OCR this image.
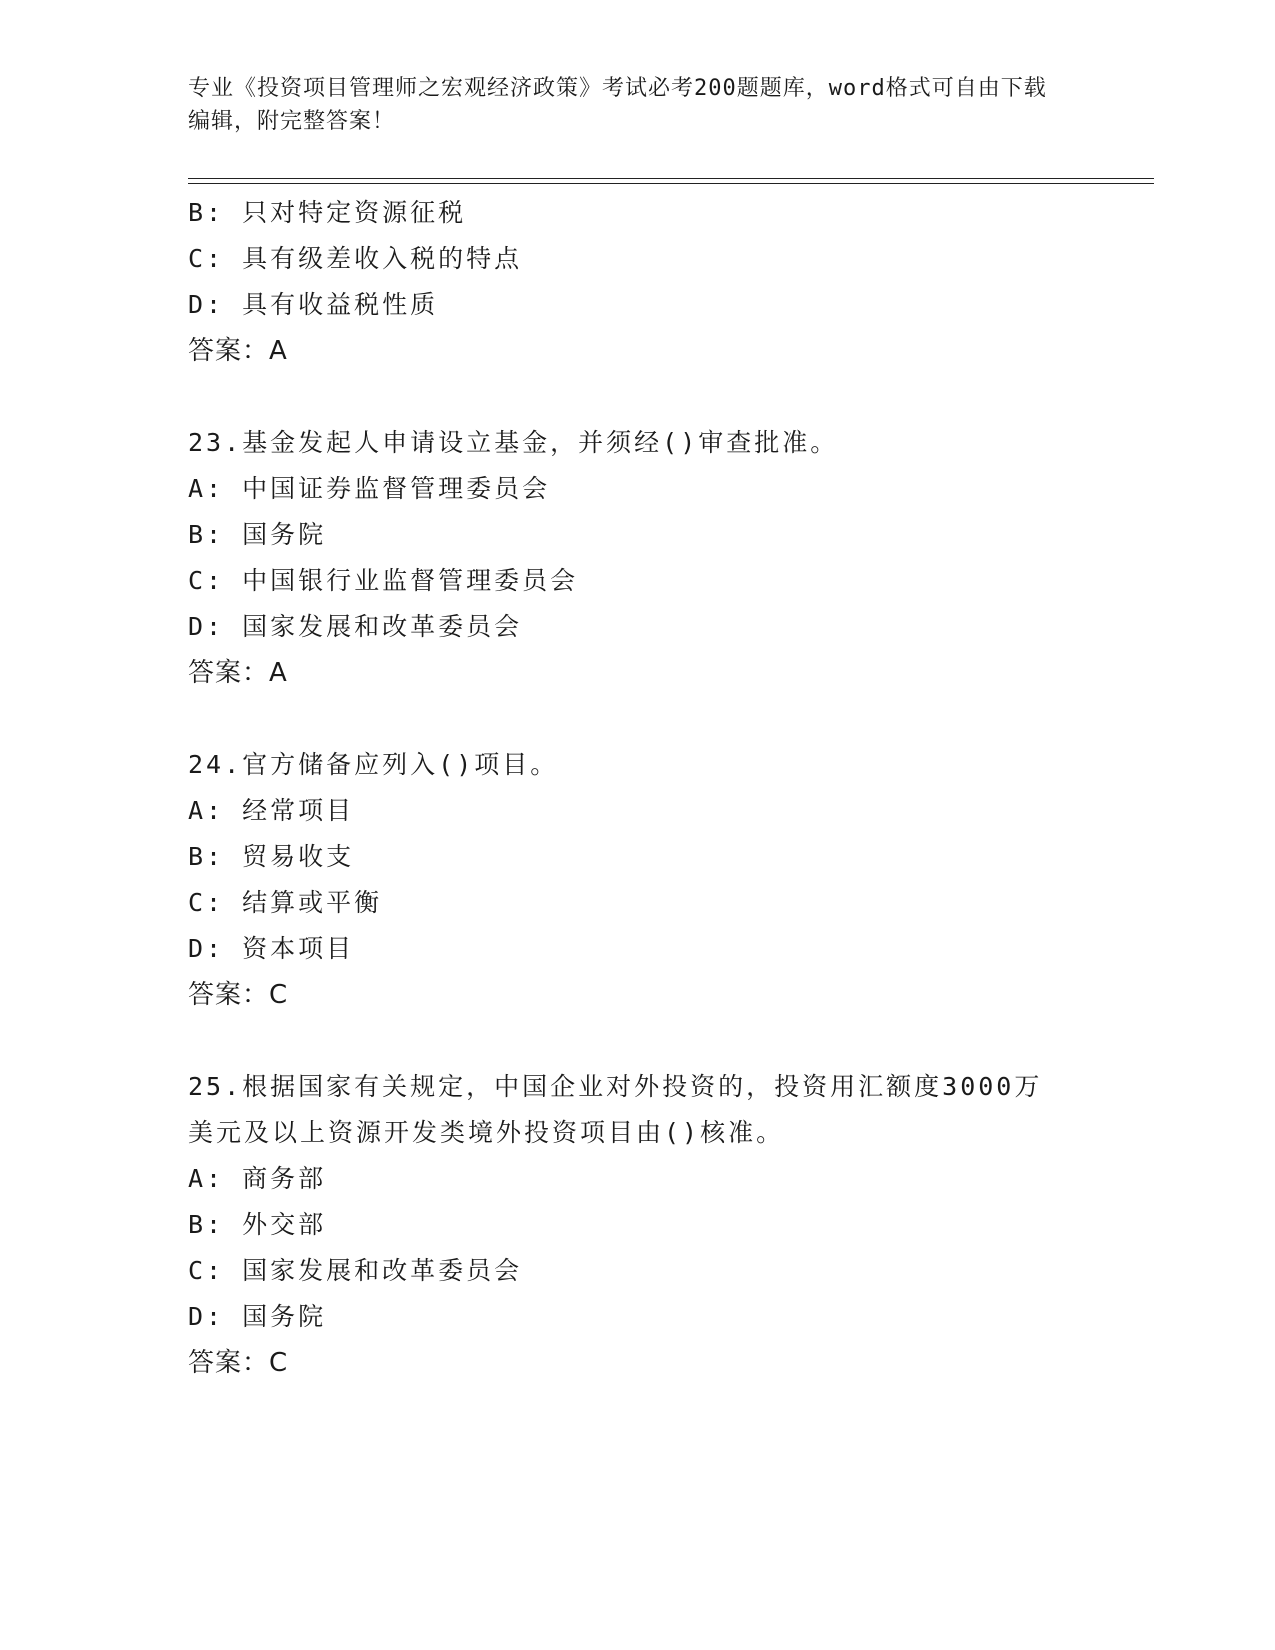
专业《投资项目管理师之宏观经济政策》考试必考200题题库，word格式可自由下载编辑，附完整答案！
B: 只对特定资源征税
C: 具有级差收入税的特点
D: 具有收益税性质
答案：A
23.基金发起人申请设立基金，并须经()审查批准。
A: 中国证券监督管理委员会
B: 国务院
C: 中国银行业监督管理委员会
D: 国家发展和改革委员会
答案：A
24.官方储备应列入()项目。
A: 经常项目
B: 贸易收支
C: 结算或平衡
D: 资本项目
答案：C
25.根据国家有关规定，中国企业对外投资的，投资用汇额度3000万美元及以上资源开发类境外投资项目由()核准。
A: 商务部
B: 外交部
C: 国家发展和改革委员会
D: 国务院
答案：C
